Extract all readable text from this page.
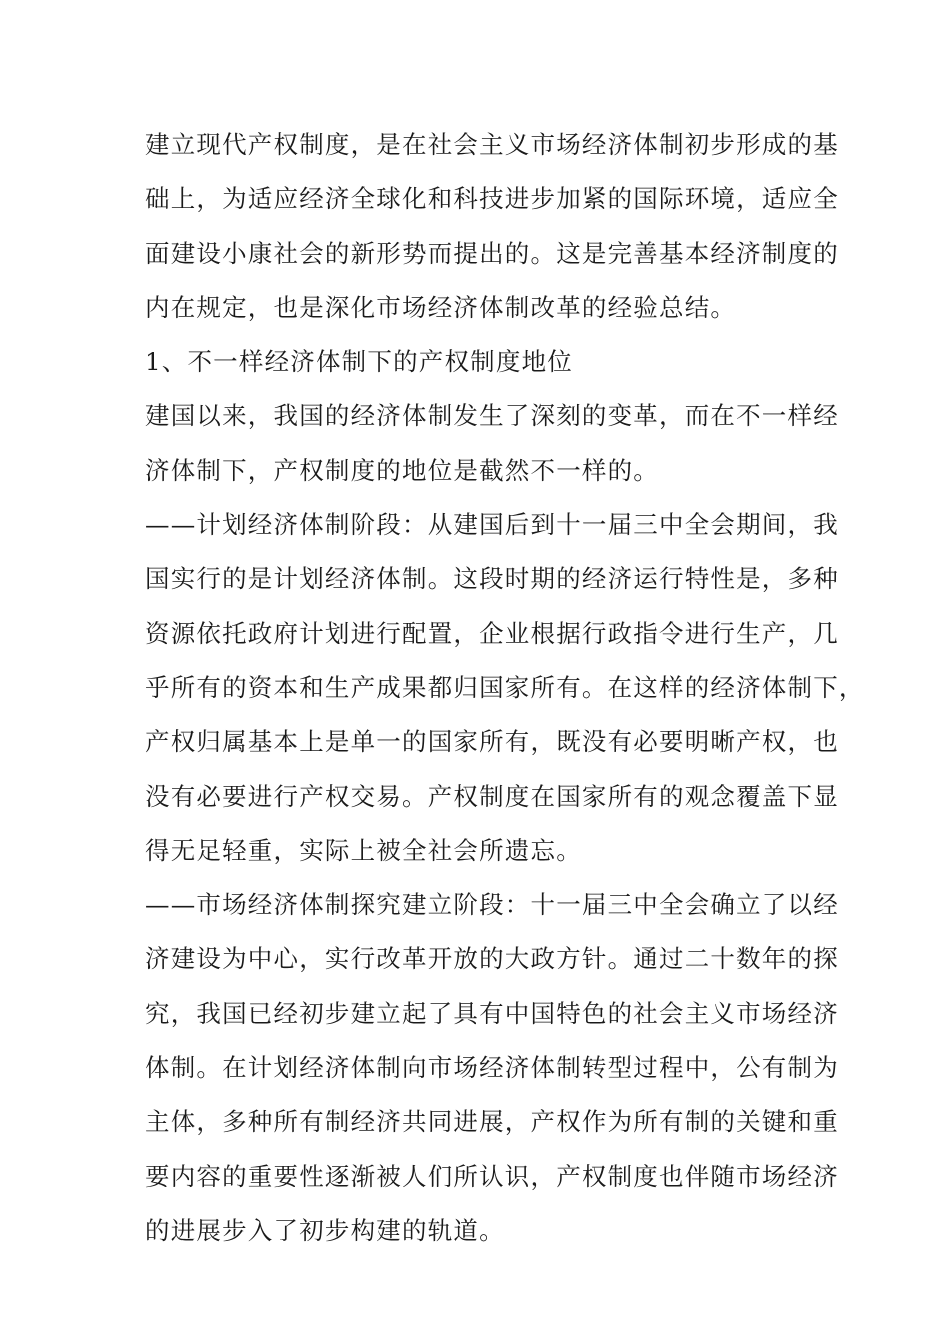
建立现代产权制度，是在社会主义市场经济体制初步形成的基
础上，为适应经济全球化和科技进步加紧的国际环境，适应全
面建设小康社会的新形势而提出的。这是完善基本经济制度的
内在规定，也是深化市场经济体制改革的经验总结。
1、不一样经济体制下的产权制度地位
建国以来，我国的经济体制发生了深刻的变革，而在不一样经
济体制下，产权制度的地位是截然不一样的。
——计划经济体制阶段：从建国后到十一届三中全会期间，我
国实行的是计划经济体制。这段时期的经济运行特性是，多种
资源依托政府计划进行配置，企业根据行政指令进行生产，几
乎所有的资本和生产成果都归国家所有。在这样的经济体制下，
产权归属基本上是单一的国家所有，既没有必要明晰产权，也
没有必要进行产权交易。产权制度在国家所有的观念覆盖下显
得无足轻重，实际上被全社会所遗忘。
——市场经济体制探究建立阶段：十一届三中全会确立了以经
济建设为中心，实行改革开放的大政方针。通过二十数年的探
究，我国已经初步建立起了具有中国特色的社会主义市场经济
体制。在计划经济体制向市场经济体制转型过程中，公有制为
主体，多种所有制经济共同进展，产权作为所有制的关键和重
要内容的重要性逐渐被人们所认识，产权制度也伴随市场经济
的进展步入了初步构建的轨道。
